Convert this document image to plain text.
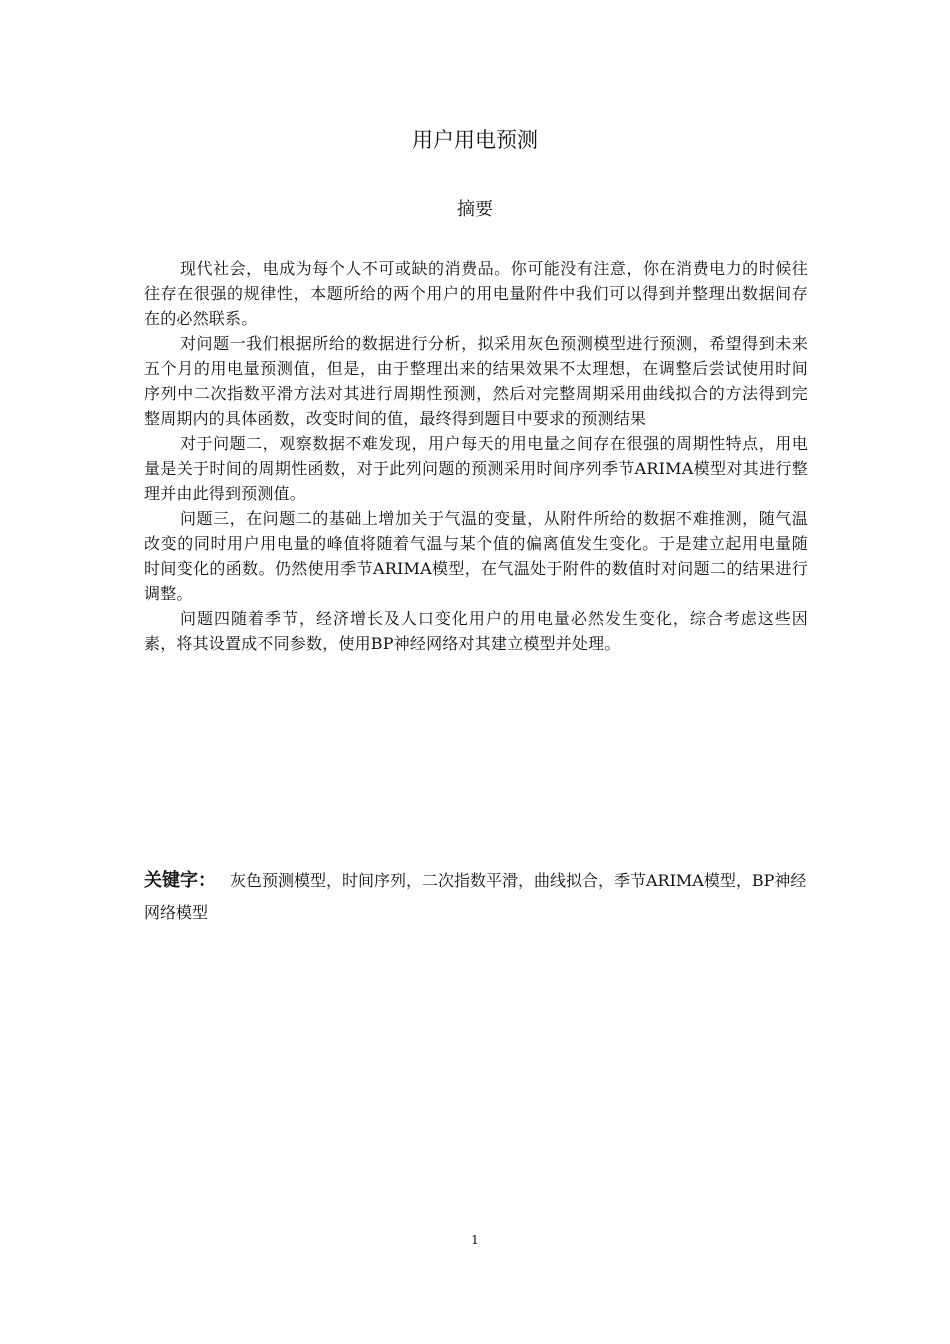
用户用电预测
摘要

现代社会，电成为每个人不可或缺的消费品。你可能没有注意，你在消费电力的时候往往存在很强的规律性，本题所给的两个用户的用电量附件中我们可以得到并整理出数据间存在的必然联系。

对问题一我们根据所给的数据进行分析，拟采用灰色预测模型进行预测，希望得到未来五个月的用电量预测值，但是，由于整理出来的结果效果不太理想，在调整后尝试使用时间序列中二次指数平滑方法对其进行周期性预测，然后对完整周期采用曲线拟合的方法得到完整周期内的具体函数，改变时间的值，最终得到题目中要求的预测结果

对于问题二，观察数据不难发现，用户每天的用电量之间存在很强的周期性特点，用电量是关于时间的周期性函数，对于此列问题的预测采用时间序列季节ARIMA模型对其进行整理并由此得到预测值。

问题三，在问题二的基础上增加关于气温的变量，从附件所给的数据不难推测，随气温改变的同时用户用电量的峰值将随着气温与某个值的偏离值发生变化。于是建立起用电量随时间变化的函数。仍然使用季节ARIMA模型，在气温处于附件的数值时对问题二的结果进行调整。

问题四随着季节，经济增长及人口变化用户的用电量必然发生变化，综合考虑这些因素，将其设置成不同参数，使用BP神经网络对其建立模型并处理。

关键字： 灰色预测模型，时间序列，二次指数平滑，曲线拟合，季节ARIMA模型，BP神经网络模型

1
